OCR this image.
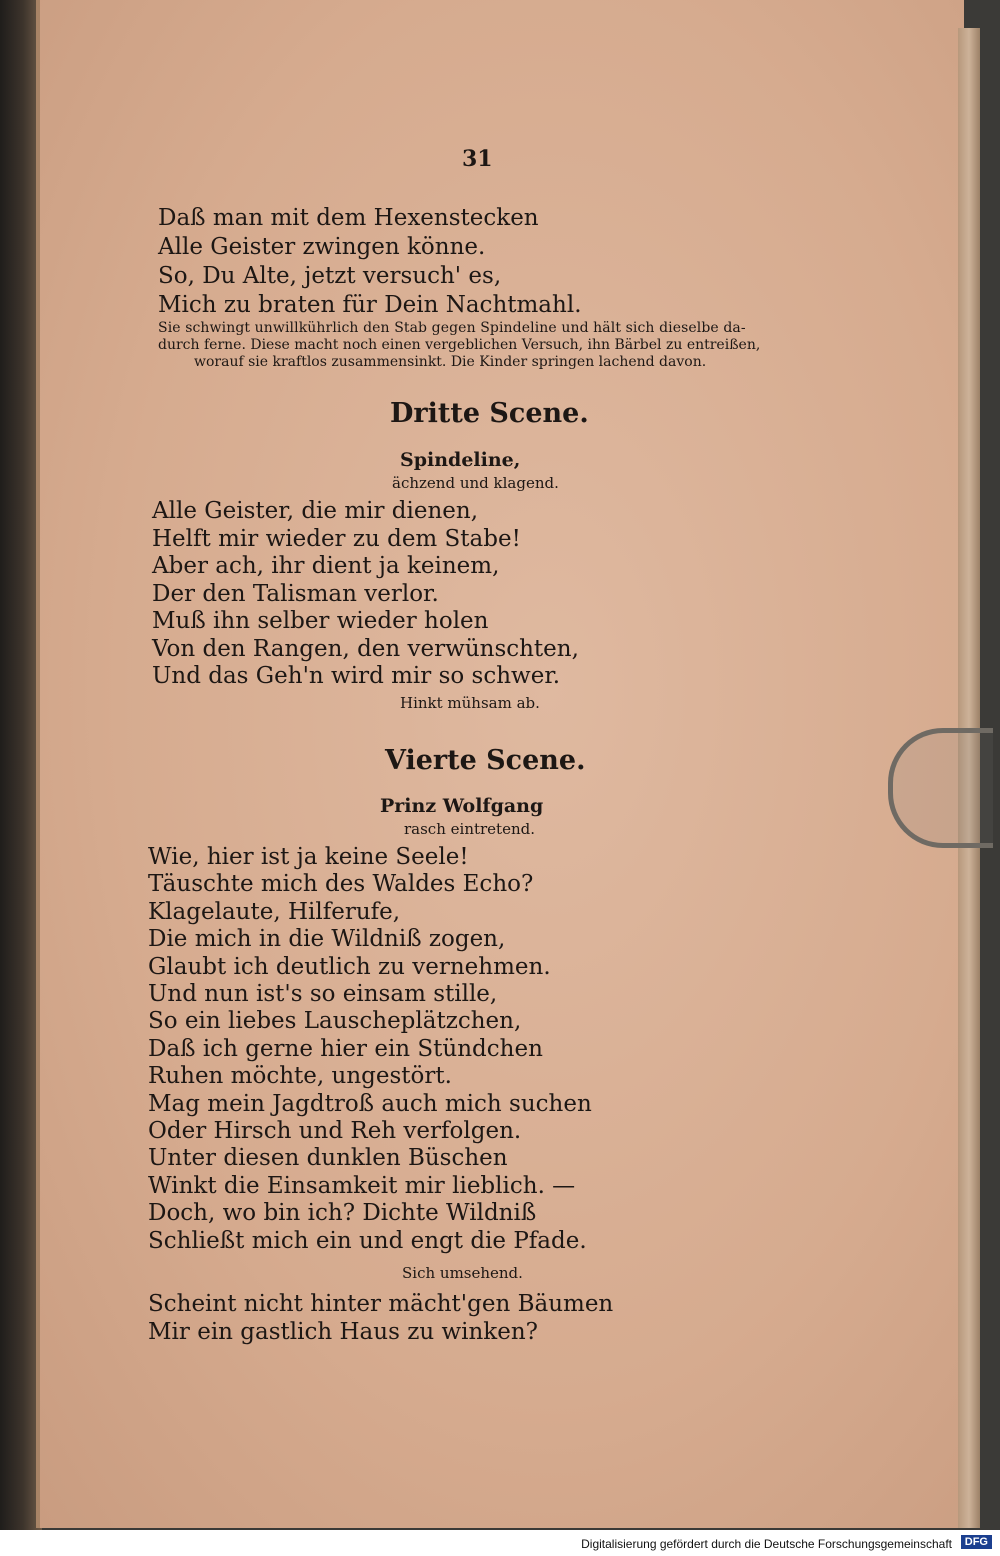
31
Daß man mit dem Hexenstecken
Alle Geister zwingen könne.
So, Du Alte, jetzt versuch' es,
Mich zu braten für Dein Nachtmahl.
Sie schwingt unwillkührlich den Stab gegen Spindeline und hält sich dieselbe da-
durch ferne. Diese macht noch einen vergeblichen Versuch, ihn Bärbel zu entreißen,
worauf sie kraftlos zusammensinkt. Die Kinder springen lachend davon.
Dritte Scene.
Spindeline,
ächzend und klagend.
Alle Geister, die mir dienen,
Helft mir wieder zu dem Stabe!
Aber ach, ihr dient ja keinem,
Der den Talisman verlor.
Muß ihn selber wieder holen
Von den Rangen, den verwünschten,
Und das Geh'n wird mir so schwer.
Hinkt mühsam ab.
Vierte Scene.
Prinz Wolfgang
rasch eintretend.
Wie, hier ist ja keine Seele!
Täuschte mich des Waldes Echo?
Klagelaute, Hilferufe,
Die mich in die Wildniß zogen,
Glaubt ich deutlich zu vernehmen.
Und nun ist's so einsam stille,
So ein liebes Lauscheplätzchen,
Daß ich gerne hier ein Stündchen
Ruhen möchte, ungestört.
Mag mein Jagdtroß auch mich suchen
Oder Hirsch und Reh verfolgen.
Unter diesen dunklen Büschen
Winkt die Einsamkeit mir lieblich. —
Doch, wo bin ich? Dichte Wildniß
Schließt mich ein und engt die Pfade.
Sich umsehend.
Scheint nicht hinter mächt'gen Bäumen
Mir ein gastlich Haus zu winken?
Digitalisierung gefördert durch die Deutsche Forschungsgemeinschaft	DFG
